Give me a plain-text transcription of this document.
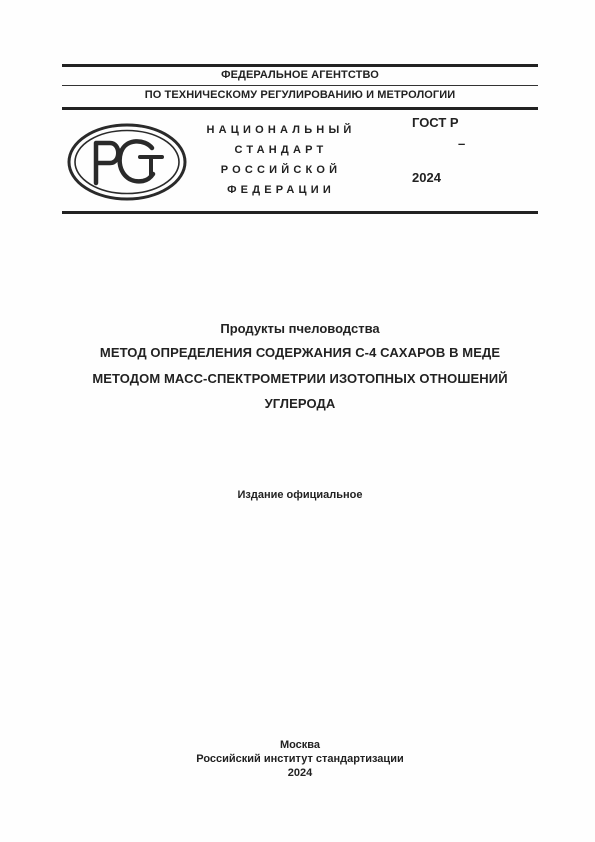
ФЕДЕРАЛЬНОЕ АГЕНТСТВО
ПО ТЕХНИЧЕСКОМУ РЕГУЛИРОВАНИЮ И МЕТРОЛОГИИ
НАЦИОНАЛЬНЫЙ
СТАНДАРТ
РОССИЙСКОЙ
ФЕДЕРАЦИИ
ГОСТ Р
–
2024
Продукты пчеловодства
МЕТОД ОПРЕДЕЛЕНИЯ СОДЕРЖАНИЯ С-4 САХАРОВ В МЕДЕ
МЕТОДОМ МАСС-СПЕКТРОМЕТРИИ ИЗОТОПНЫХ ОТНОШЕНИЙ
УГЛЕРОДА
Издание официальное
Москва
Российский институт стандартизации
2024
